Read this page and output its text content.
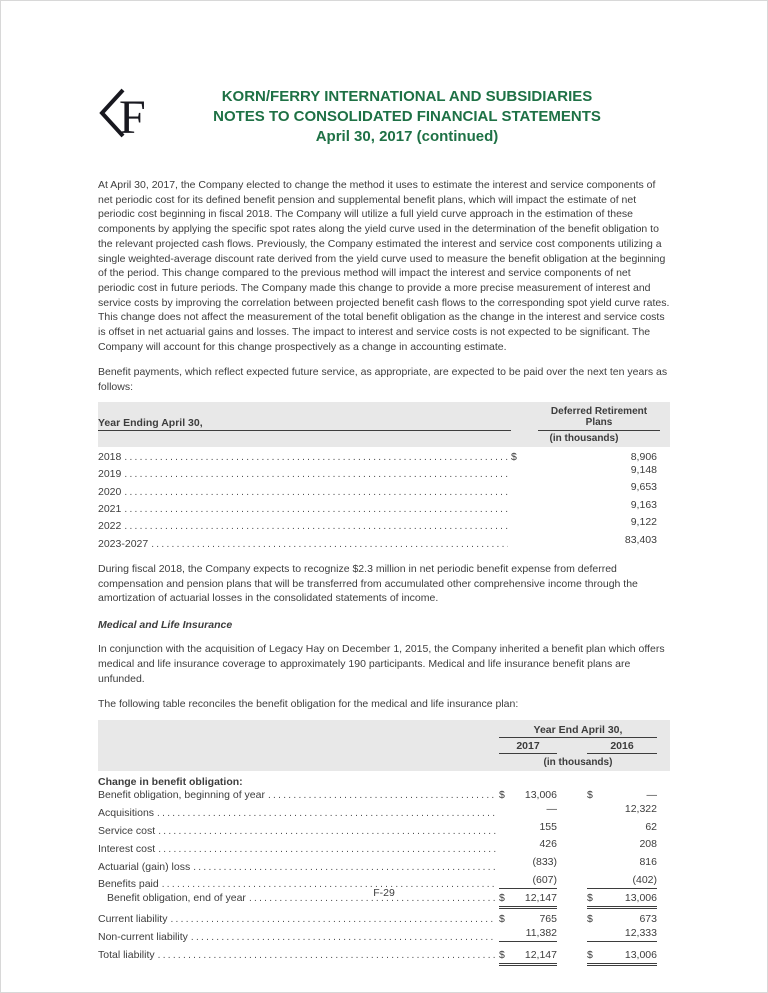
F	KORN/FERRY INTERNATIONAL AND SUBSIDIARIES
NOTES TO CONSOLIDATED FINANCIAL STATEMENTS
April 30, 2017 (continued)

At April 30, 2017, the Company elected to change the method it uses to estimate the interest and service components of net periodic cost for its defined benefit pension and supplemental benefit plans, which will impact the estimate of net periodic cost beginning in fiscal 2018. The Company will utilize a full yield curve approach in the estimation of these components by applying the specific spot rates along the yield curve used in the determination of the benefit obligation to the relevant projected cash flows. Previously, the Company estimated the interest and service cost components utilizing a single weighted-average discount rate derived from the yield curve used to measure the benefit obligation at the beginning of the period. This change compared to the previous method will impact the interest and service components of net periodic cost in future periods. The Company made this change to provide a more precise measurement of interest and service costs by improving the correlation between projected benefit cash flows to the corresponding spot yield curve rates. This change does not affect the measurement of the total benefit obligation as the change in the interest and service costs is offset in net actuarial gains and losses. The impact to interest and service costs is not expected to be significant. The Company will account for this change prospectively as a change in accounting estimate.

Benefit payments, which reflect expected future service, as appropriate, are expected to be paid over the next ten years as follows:

Year Ending April 30,
Deferred Retirement
Plans
(in thousands)
2018 .....	$	8,906
2019 .....	9,148
2020 .....	9,653
2021 .....	9,163
2022 .....	9,122
2023-2027 .....	83,403

During fiscal 2018, the Company expects to recognize $2.3 million in net periodic benefit expense from deferred compensation and pension plans that will be transferred from accumulated other comprehensive income through the amortization of actuarial losses in the consolidated statements of income.

Medical and Life Insurance

In conjunction with the acquisition of Legacy Hay on December 1, 2015, the Company inherited a benefit plan which offers medical and life insurance coverage to approximately 190 participants. Medical and life insurance benefit plans are unfunded.

The following table reconciles the benefit obligation for the medical and life insurance plan:

Year End April 30,
2017	2016
(in thousands)
Change in benefit obligation:
Benefit obligation, beginning of year .....	$ 13,006	$	—
Acquisitions .....	—	12,322
Service cost .....	155	62
Interest cost .....	426	208
Actuarial (gain) loss .....	(833)	816
Benefits paid .....	(607)	(402)
Benefit obligation, end of year .....	$ 12,147	$	13,006
Current liability .....	$	765	$	673
Non-current liability .....	11,382	12,333
Total liability .....	$ 12,147	$	13,006
F-29
